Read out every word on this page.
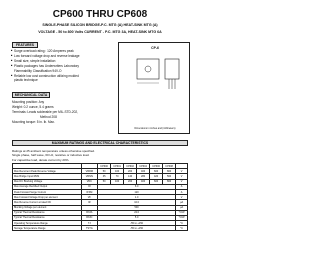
CP600 THRU CP608
SINGLE-PHASE SILICON BRIDGE-P.C. MTG (A) HEAT-SINK MTG (A)
VOLTAGE - 50 to 800 Volts CURRENT - P.C. MTG 3A, HEAT-SINK MTG 6A
FEATURES
■ Surge overload rating : 120 Amperes peak
■ Low forward voltage drop and reverse leakage
■ Small size, simple installation
■ Plastic packages has Underwriters Laboratory
Flammability Classification 94V-O
■ Reliable low cost construction utilizing molded
plastic technique
MECHANICAL DATA
Mounting position: Any
Weight: 0.2 ounce, 5.4 grams
Terminals: Leads solderable per MIL-STD-202,
Method 208
Mounting torque: 5 in. lb. Max.
CP-6
Dimensions in inches and (millimeters)
MAXIMUM RATINGS AND ELECTRICAL CHARACTERISTICS
Ratings at 25 ambient temperature unless otherwise specified.
Single phase, half wave, 60 Hz, resistive or inductive load.
For capacitive load, derate current by 20%.
		CP600	CP601	CP602	CP604	CP606	CP608	
Max Recurrent Peak Reverse Voltage	VRRM	50	100	200	400	600	800	V
Max Bridge Input RMS	VRMS	35	70	140	280	420	560	V
Max DC Blocking Voltage	VDC	50	100	200	400	600	800	V
Max Average Rectified Output	IO	6.0						A
Peak Forward Surge Current	IFSM	120						A
Max Forward Voltage Drop per element	VF	1.0						V
Max Reverse Current at rated DC	IR	10.0						μA
Blocking Voltage per element		500						μA
Typical Thermal Resistance	RθJA	22.0						°C/W
Typical Thermal Resistance	RθJC	5.0						°C/W
Operating Temperature Range	TJ	-55 to +150						°C
Storage Temperature Range	TSTG	-55 to +150						°C
